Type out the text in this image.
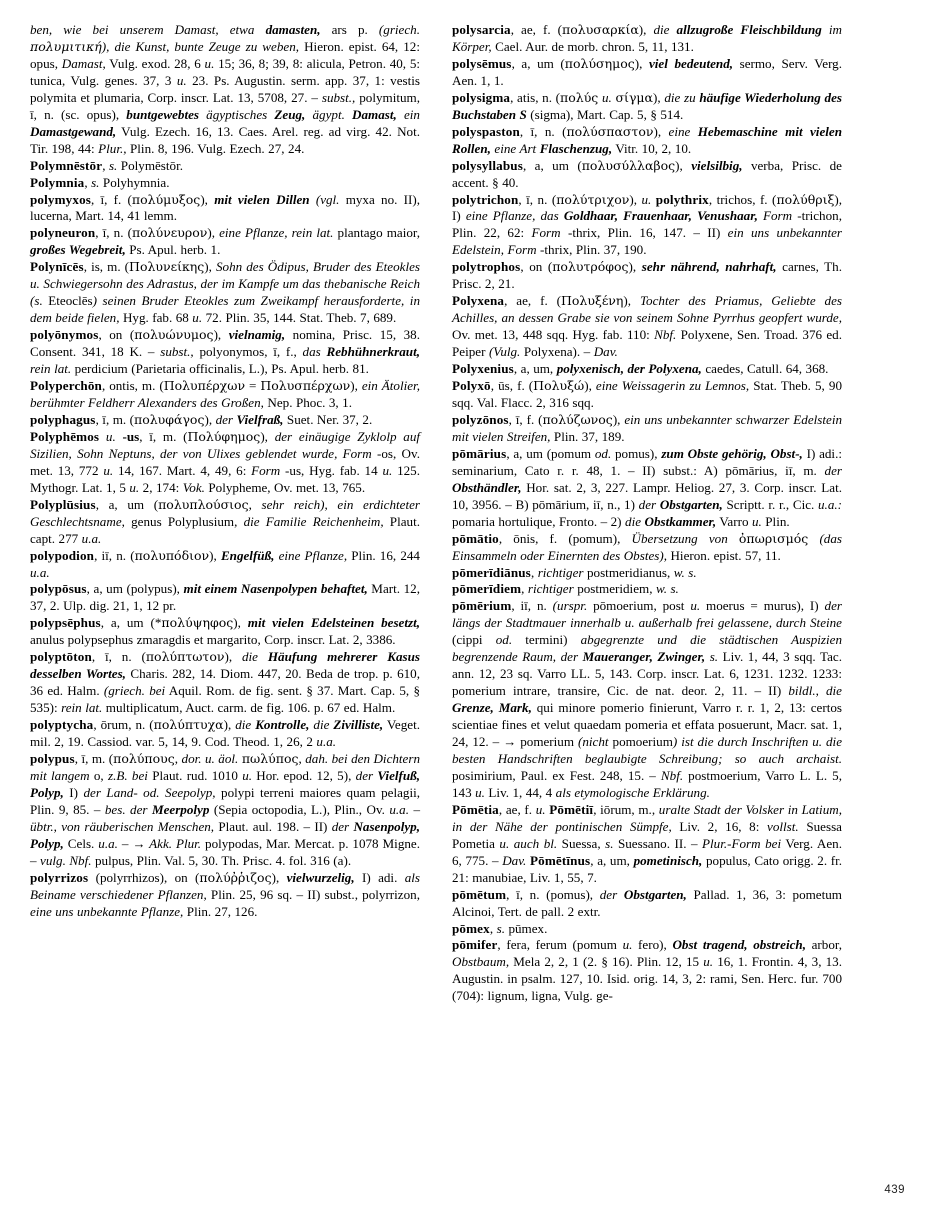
ben, wie bei unserem Damast, etwa damasten, ars p. (griech. πολυμιτική), die Kunst, bunte Zeuge zu weben, Hieron. epist. 64, 12: opus, Damast, Vulg. exod. 28, 6 u. 15; 36, 8; 39, 8: alicula, Petron. 40, 5: tunica, Vulg. genes. 37, 3 u. 23. Ps. Augustin. serm. app. 37, 1: vestis polymita et plumaria, Corp. inscr. Lat. 13, 5708, 27. – subst., polymitum, ī, n. (sc. opus), buntgewebtes ägyptisches Zeug, ägypt. Damast, ein Damastgewand, Vulg. Ezech. 16, 13. Caes. Arel. reg. ad virg. 42. Not. Tir. 198, 44: Plur., Plin. 8, 196. Vulg. Ezech. 27, 24.

Polymnēstōr, s. Polymēstōr.

Polymnia, s. Polyhymnia.

polymyxos, ī, f. (πολύμυξος), mit vielen Dillen (vgl. myxa no. II), lucerna, Mart. 14, 41 lemm.

polyneuron, ī, n. (πολύνευρον), eine Pflanze, rein lat. plantago maior, großes Wegebreit, Ps. Apul. herb. 1.

Polynīcēs, is, m. (Πολυνείκης), Sohn des Ödipus, Bruder des Eteokles u. Schwiegersohn des Adrastus, der im Kampfe um das thebanische Reich (s. Eteoclēs) seinen Bruder Eteokles zum Zweikampf herausforderte, in dem beide fielen, Hyg. fab. 68 u. 72. Plin. 35, 144. Stat. Theb. 7, 689.

polyōnymos, on (πολυώνυμος), vielnamig, nomina, Prisc. 15, 38. Consent. 341, 18 K. – subst., polyonymos, ī, f., das Rebhühnerkraut, rein lat. perdicium (Parietaria officinalis, L.), Ps. Apul. herb. 81.

Polyperchōn, ontis, m. (Πολυπέρχων = Πολυσπέρχων), ein Ätolier, berühmter Feldherr Alexanders des Großen, Nep. Phoc. 3, 1.

polyphagus, ī, m. (πολυφάγος), der Vielfraß, Suet. Ner. 37, 2.

Polyphēmos u. -us, ī, m. (Πολύφημος), der einäugige Zyklolp auf Sizilien, Sohn Neptuns, der von Ulixes geblendet wurde, Form -os, Ov. met. 13, 772 u. 14, 167. Mart. 4, 49, 6: Form -us, Hyg. fab. 14 u. 125. Mythogr. Lat. 1, 5 u. 2, 174: Vok. Polypheme, Ov. met. 13, 765.

Polyplūsius, a, um (πολυπλούσιος, sehr reich), ein erdichteter Geschlechtsname, genus Polyplusium, die Familie Reichenheim, Plaut. capt. 277 u.a.

polypodion, iī, n. (πολυπόδιον), Engelfüß, eine Pflanze, Plin. 16, 244 u.a.

polypōsus, a, um (polypus), mit einem Nasenpolypen behaftet, Mart. 12, 37, 2. Ulp. dig. 21, 1, 12 pr.

polypsēphus, a, um (*πολύψηφος), mit vielen Edelsteinen besetzt, anulus polypsephus zmaragdis et margarito, Corp. inscr. Lat. 2, 3386.

polyptōton, ī, n. (πολύπτωτον), die Häufung mehrerer Kasus desselben Wortes, Charis. 282, 14. Diom. 447, 20. Beda de trop. p. 610, 36 ed. Halm. (griech. bei Aquil. Rom. de fig. sent. § 37. Mart. Cap. 5, § 535): rein lat. multiplicatum, Auct. carm. de fig. 106. p. 67 ed. Halm.

polyptycha, ōrum, n. (πολύπτυχα), die Kontrolle, die Zivilliste, Veget. mil. 2, 19. Cassiod. var. 5, 14, 9. Cod. Theod. 1, 26, 2 u.a.

polypus, ī, m. (πολύπους, dor. u. äol. πωλύπος, dah. bei den Dichtern mit langem o, z.B. bei Plaut. rud. 1010 u. Hor. epod. 12, 5), der Vielfuß, Polyp, I) der Land- od. Seepolyp, polypi terreni maiores quam pelagii, Plin. 9, 85. – bes. der Meerpolyp (Sepia octopodia, L.), Plin., Ov. u.a. – übtr., von räuberischen Menschen, Plaut. aul. 198. – II) der Nasenpolyp, Polyp, Cels. u.a. – → Akk. Plur. polypodas, Mar. Mercat. p. 1078 Migne. – vulg. Nbf. pulpus, Plin. Val. 5, 30. Th. Prisc. 4. fol. 316 (a).

polyrrizos (polyrrhizos), on (πολύῤῥιζος), vielwurzelig, I) adi. als Beiname verschiedener Pflanzen, Plin. 25, 96 sq. – II) subst., polyrrizon, eine uns unbekannte Pflanze, Plin. 27, 126.

polysarcia, ae, f. (πολυσαρκία), die allzugroße Fleischbildung im Körper, Cael. Aur. de morb. chron. 5, 11, 131.

polysēmus, a, um (πολύσημος), viel bedeutend, sermo, Serv. Verg. Aen. 1, 1.

polysigma, atis, n. (πολύς u. σίγμα), die zu häufige Wiederholung des Buchstaben S (sigma), Mart. Cap. 5, § 514.

polyspaston, ī, n. (πολύσπαστον), eine Hebemaschine mit vielen Rollen, eine Art Flaschenzug, Vitr. 10, 2, 10.

polysyllabus, a, um (πολυσύλλαβος), vielsilbig, verba, Prisc. de accent. § 40.

polytrichon, ī, n. (πολύτριχον), u. polythrix, trichos, f. (πολύθριξ), I) eine Pflanze, das Goldhaar, Frauenhaar, Venushaar, Form -trichon, Plin. 22, 62: Form -thrix, Plin. 16, 147. – II) ein uns unbekannter Edelstein, Form -thrix, Plin. 37, 190.

polytrophos, on (πολυτρόφος), sehr nährend, nahrhaft, carnes, Th. Prisc. 2, 21.

Polyxena, ae, f. (Πολυξένη), Tochter des Priamus, Geliebte des Achilles, an dessen Grabe sie von seinem Sohne Pyrrhus geopfert wurde, Ov. met. 13, 448 sqq. Hyg. fab. 110: Nbf. Polyxene, Sen. Troad. 376 ed. Peiper (Vulg. Polyxena). – Dav.

Polyxenius, a, um, polyxenisch, der Polyxena, caedes, Catull. 64, 368.

Polyxō, ūs, f. (Πολυξώ), eine Weissagerin zu Lemnos, Stat. Theb. 5, 90 sqq. Val. Flacc. 2, 316 sqq.

polyzōnos, ī, f. (πολύζωνος), ein uns unbekannter schwarzer Edelstein mit vielen Streifen, Plin. 37, 189.

pōmārius, a, um (pomum od. pomus), zum Obste gehörig, Obst-, I) adi.: seminarium, Cato r. r. 48, 1. – II) subst.: A) pōmārius, iī, m. der Obsthändler, Hor. sat. 2, 3, 227. Lampr. Heliog. 27, 3. Corp. inscr. Lat. 10, 3956. – B) pōmārium, iī, n., 1) der Obstgarten, Scriptt. r. r., Cic. u.a.: pomaria hortulique, Fronto. – 2) die Obstkammer, Varro u. Plin.

pōmātio, ōnis, f. (pomum), Übersetzung von ὀπωρισμός (das Einsammeln oder Einernten des Obstes), Hieron. epist. 57, 11.

pōmerīdiānus, richtiger postmeridianus, w. s.

pōmerīdiem, richtiger postmeridiem, w. s.

pōmērium, iī, n. (urspr. pōmoerium, post u. moerus = murus), I) der längs der Stadtmauer innerhalb u. außerhalb frei gelassene, durch Steine (cippi od. termini) abgegrenzte und die städtischen Auspizien begrenzende Raum, der Maueranger, Zwinger, s. Liv. 1, 44, 3 sqq. Tac. ann. 12, 23 sq. Varro LL. 5, 143. Corp. inscr. Lat. 6, 1231. 1232. 1233: pomerium intrare, transire, Cic. de nat. deor. 2, 11. – II) bildl., die Grenze, Mark, qui minore pomerio finierunt, Varro r. r. 1, 2, 13: certos scientiae fines et velut quaedam pomeria et effata posuerunt, Macr. sat. 1, 24, 12. – → pomerium (nicht pomoerium) ist die durch Inschriften u. die besten Handschriften beglaubigte Schreibung; so auch archaist. posimirium, Paul. ex Fest. 248, 15. – Nbf. postmoerium, Varro L. L. 5, 143 u. Liv. 1, 44, 4 als etymologische Erklärung.

Pōmētia, ae, f. u. Pōmētiī, iōrum, m., uralte Stadt der Volsker in Latium, in der Nähe der pontinischen Sümpfe, Liv. 2, 16, 8: vollst. Suessa Pometia u. auch bl. Suessa, s. Suessano. II. – Plur.-Form bei Verg. Aen. 6, 775. – Dav. Pōmētīnus, a, um, pometinisch, populus, Cato origg. 2. fr. 21: manubiae, Liv. 1, 55, 7.

pōmētum, ī, n. (pomus), der Obstgarten, Pallad. 1, 36, 3: pometum Alcinoi, Tert. de pall. 2 extr.

pōmex, s. pūmex.

pōmifer, fera, ferum (pomum u. fero), Obst tragend, obstreich, arbor, Obstbaum, Mela 2, 2, 1 (2. § 16). Plin. 12, 15 u. 16, 1. Frontin. 4, 3, 13. Augustin. in psalm. 127, 10. Isid. orig. 14, 3, 2: rami, Sen. Herc. fur. 700 (704): lignum, ligna, Vulg. ge-

439
